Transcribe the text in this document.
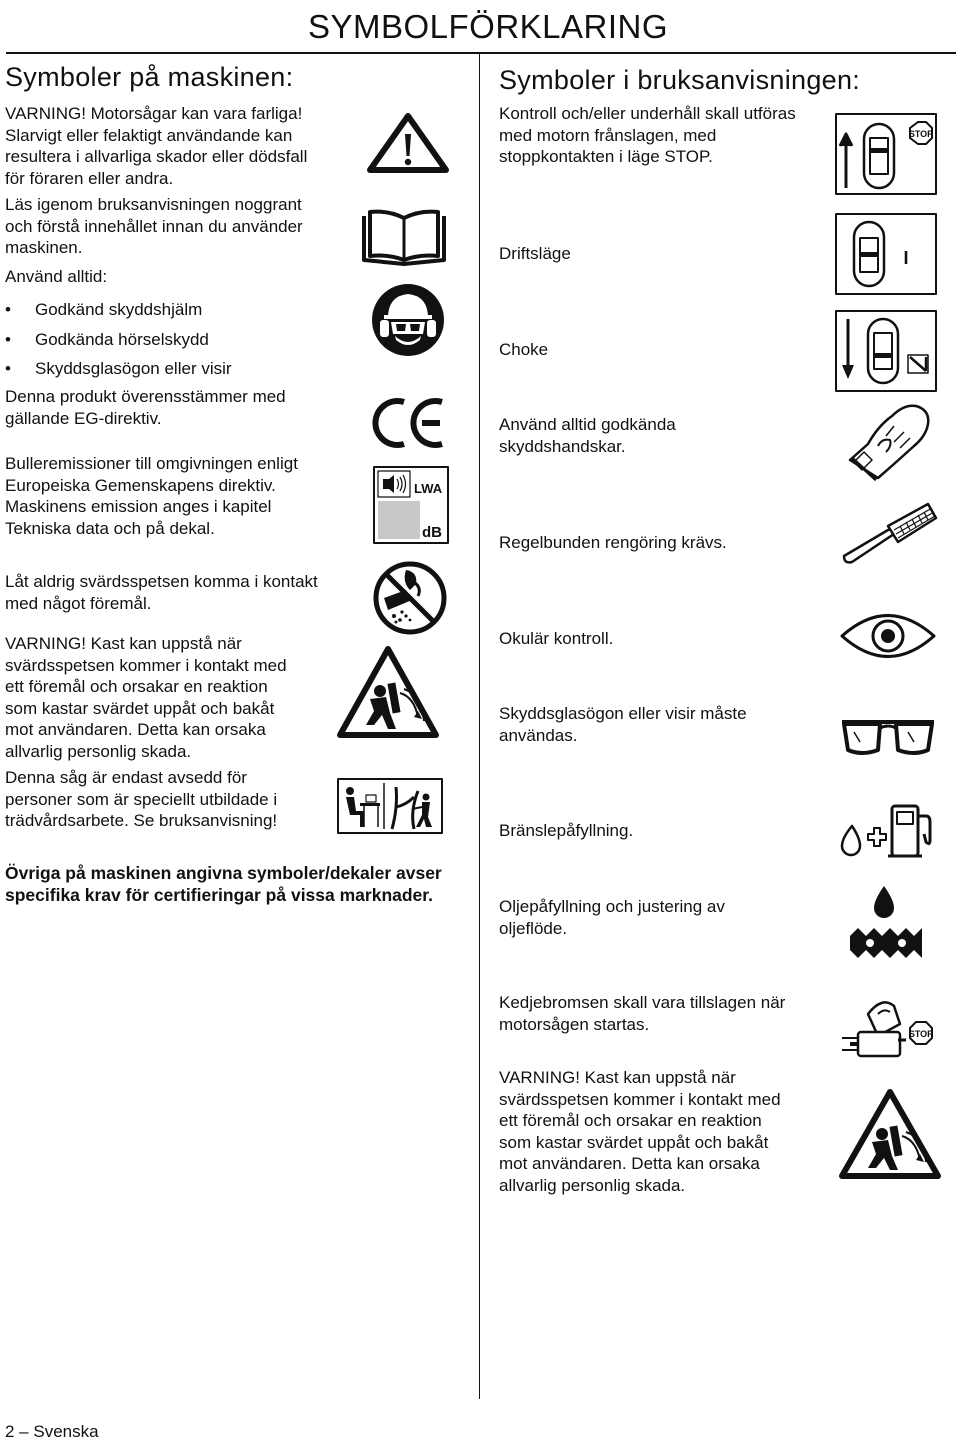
SYMBOLFÖRKLARING
Symboler på maskinen:
VARNING! Motorsågar kan vara farliga!
Slarvigt eller felaktigt användande kan
resultera i allvarliga skador eller dödsfall
för föraren eller andra.
Läs igenom bruksanvisningen noggrant
och förstå innehållet innan du använder
maskinen.
Använd alltid:
• Godkänd skyddshjälm
• Godkända hörselskydd
• Skyddsglasögon eller visir
Denna produkt överensstämmer med
gällande EG-direktiv.
Bulleremissioner till omgivningen enligt
Europeiska Gemenskapens direktiv.
Maskinens emission anges i kapitel
Tekniska data och på dekal.
Låt aldrig svärdsspetsen komma i kontakt
med något föremål.
VARNING! Kast kan uppstå när
svärdsspetsen kommer i kontakt med
ett föremål och orsakar en reaktion
som kastar svärdet uppåt och bakåt
mot användaren. Detta kan orsaka
allvarlig personlig skada.
Denna såg är endast avsedd för
personer som är speciellt utbildade i
trädvårdsarbete. Se bruksanvisning!
Övriga på maskinen angivna symboler/dekaler avser
specifika krav för certifieringar på vissa marknader.
LWA
dB
Symboler i bruksanvisningen:
Kontroll och/eller underhåll skall utföras
med motorn frånslagen, med
stoppkontakten i läge STOP.
Driftsläge
Choke
Använd alltid godkända
skyddshandskar.
Regelbunden rengöring krävs.
Okulär kontroll.
Skyddsglasögon eller visir måste
användas.
Bränslepåfyllning.
Oljepåfyllning och justering av
oljeflöde.
Kedjebromsen skall vara tillslagen när
motorsågen startas.
VARNING! Kast kan uppstå när
svärdsspetsen kommer i kontakt med
ett föremål och orsakar en reaktion
som kastar svärdet uppåt och bakåt
mot användaren. Detta kan orsaka
allvarlig personlig skada.
STOP
I
STOP
2 – Svenska
